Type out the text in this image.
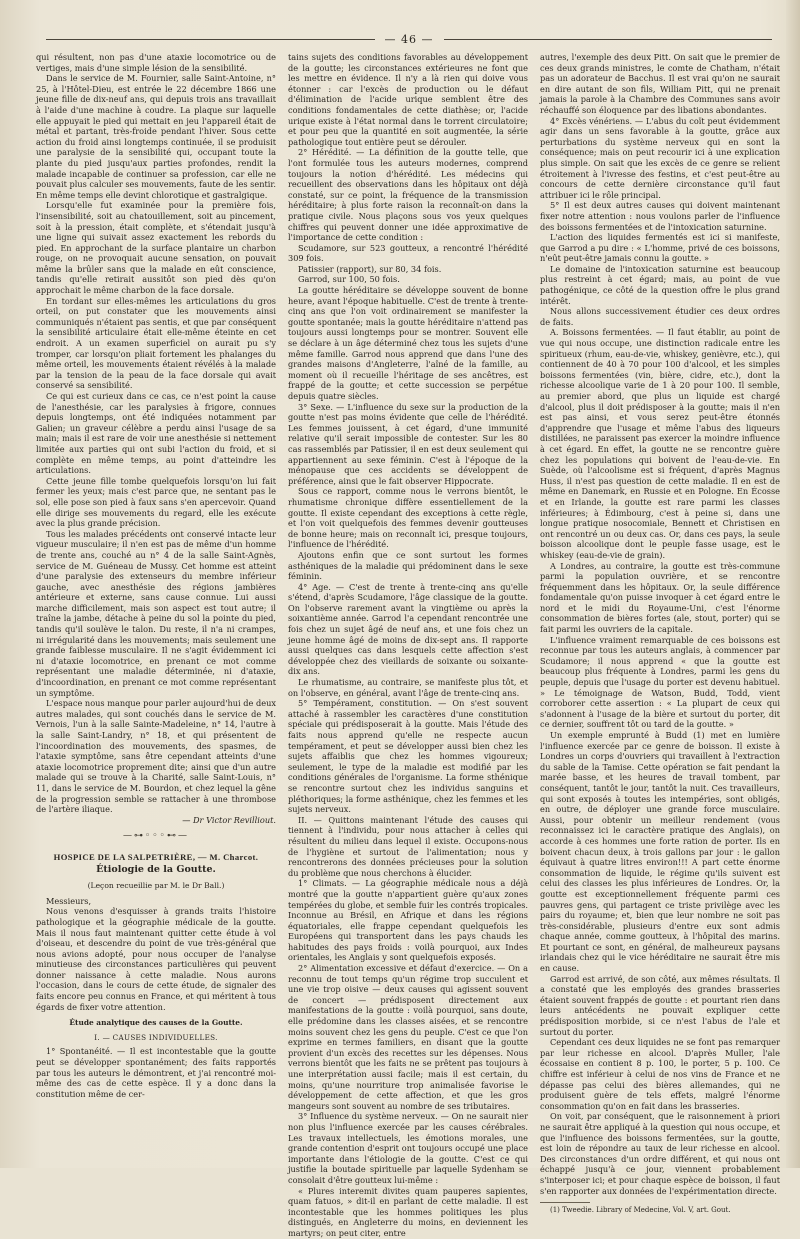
— 46 —

qui résultent, non pas d'une ataxie locomotrice ou de vertiges, mais d'une simple lésion de la sensibilité.

Dans le service de M. Fournier, salle Saint-Antoine, n° 25, à l'Hôtel-Dieu, est entrée le 22 décembre 1866 une jeune fille de dix-neuf ans, qui depuis trois ans travaillait à l'aide d'une machine à coudre. La plaque sur laquelle elle appuyait le pied qui mettait en jeu l'appareil était de métal et partant, très-froide pendant l'hiver. Sous cette action du froid ainsi longtemps continuée, il se produisit une paralysie de la sensibilité qui, occupant toute la plante du pied jusqu'aux parties profondes, rendit la malade incapable de continuer sa profession, car elle ne pouvait plus calculer ses mouvements, faute de les sentir. En même temps elle devint chlorotique et gastralgique.

Lorsqu'elle fut examinée pour la première fois, l'insensibilité, soit au chatouillement, soit au pincement, soit à la pression, était complète, et s'étendait jusqu'à une ligne qui suivait assez exactement les rebords du pied. En approchant de la surface plantaire un charbon rouge, on ne provoquait aucune sensation, on pouvait même la brûler sans que la malade en eût conscience, tandis qu'elle retirait aussitôt son pied dès qu'on approchait le même charbon de la face dorsale.

En tordant sur elles-mêmes les articulations du gros orteil, on put constater que les mouvements ainsi communiqués n'étaient pas sentis, et que par conséquent la sensibilité articulaire était elle-même éteinte en cet endroit. A un examen superficiel on aurait pu s'y tromper, car lorsqu'on pliait fortement les phalanges du même orteil, les mouvements étaient révélés à la malade par la tension de la peau de la face dorsale qui avait conservé sa sensibilité.

Ce qui est curieux dans ce cas, ce n'est point la cause de l'anesthésie, car les paralysies à frigore, connues depuis longtemps, ont été indiquées notamment par Galien; un graveur célèbre a perdu ainsi l'usage de sa main; mais il est rare de voir une anesthésie si nettement limitée aux parties qui ont subi l'action du froid, et si complète en même temps, au point d'atteindre les articulations.

Cette jeune fille tombe quelquefois lorsqu'on lui fait fermer les yeux; mais c'est parce que, ne sentant pas le sol, elle pose son pied à faux sans s'en apercevoir. Quand elle dirige ses mouvements du regard, elle les exécute avec la plus grande précision.

Tous les malades précédents ont conservé intacte leur vigueur musculaire; il n'en est pas de même d'un homme de trente ans, couché au n° 4 de la salle Saint-Agnès, service de M. Guéneau de Mussy. Cet homme est atteint d'une paralysie des extenseurs du membre inférieur gauche, avec anesthésie des régions jambières antérieure et externe, sans cause connue. Lui aussi marche difficilement, mais son aspect est tout autre; il traîne la jambe, détache à peine du sol la pointe du pied, tandis qu'il soulève le talon. Du reste, il n'a ni crampes, ni irrégularité dans les mouvements; mais seulement une grande faiblesse musculaire. Il ne s'agit évidemment ici ni d'ataxie locomotrice, en prenant ce mot comme représentant une maladie déterminée, ni d'ataxie, d'incoordination, en prenant ce mot comme représentant un symptôme.

L'espace nous manque pour parler aujourd'hui de deux autres malades, qui sont couchés dans le service de M. Vernois, l'un à la salle Sainte-Madeleine, n° 14, l'autre à la salle Saint-Landry, n° 18, et qui présentent de l'incoordination des mouvements, des spasmes, de l'ataxie symptôme, sans être cependant atteints d'une ataxie locomotrice proprement dite; ainsi que d'un autre malade qui se trouve à la Charité, salle Saint-Louis, n° 11, dans le service de M. Bourdon, et chez lequel la gêne de la progression semble se rattacher à une thrombose de l'artère iliaque.

— Dr Victor Revilliout.

—⊶◦◦◦⊷—
HOSPICE DE LA SALPETRIÈRE, — M. Charcot.
Étiologie de la Goutte.
(Leçon recueillie par M. le Dr Ball.)

Messieurs,

Nous venons d'esquisser à grands traits l'histoire pathologique et la géographie médicale de la goutte. Mais il nous faut maintenant quitter cette étude à vol d'oiseau, et descendre du point de vue très-général que nous avions adopté, pour nous occuper de l'analyse minutieuse des circonstances particulières qui peuvent donner naissance à cette maladie. Nous aurons l'occasion, dans le cours de cette étude, de signaler des faits encore peu connus en France, et qui méritent à tous égards de fixer votre attention.

Étude analytique des causes de la Goutte.
I. — CAUSES INDIVIDUELLES.

1° Spontanéité. — Il est incontestable que la goutte peut se développer spontanément; des faits rapportés par tous les auteurs le démontrent, et j'ai rencontré moi-même des cas de cette espèce. Il y a donc dans la constitution même de cer-

tains sujets des conditions favorables au développement de la goutte; les circonstances extérieures ne font que les mettre en évidence. Il n'y a là rien qui doive vous étonner : car l'excès de production ou le défaut d'élimination de l'acide urique semblent être des conditions fondamentales de cette diathèse; or, l'acide urique existe à l'état normal dans le torrent circulatoire; et pour peu que la quantité en soit augmentée, la série pathologique tout entière peut se dérouler.

2° Hérédité. — La définition de la goutte telle, que l'ont formulée tous les auteurs modernes, comprend toujours la notion d'hérédité. Les médecins qui recueillent des observations dans les hôpitaux ont déjà constaté, sur ce point, la fréquence de la transmission héréditaire; à plus forte raison la reconnaît-on dans la pratique civile. Nous plaçons sous vos yeux quelques chiffres qui peuvent donner une idée approximative de l'importance de cette condition :

Scudamore, sur 523 goutteux, a rencontré l'hérédité 309 fois.

Patissier (rapport), sur 80, 34 fois.

Garrod, sur 100, 50 fois.

La goutte héréditaire se développe souvent de bonne heure, avant l'époque habituelle. C'est de trente à trente-cinq ans que l'on voit ordinairement se manifester la goutte spontanée; mais la goutte héréditaire n'attend pas toujours aussi longtemps pour se montrer. Souvent elle se déclare à un âge déterminé chez tous les sujets d'une même famille. Garrod nous apprend que dans l'une des grandes maisons d'Angleterre, l'aîné de la famille, au moment où il recueille l'héritage de ses ancêtres, est frappé de la goutte; et cette succession se perpétue depuis quatre siècles.

3° Sexe. — L'influence du sexe sur la production de la goutte n'est pas moins évidente que celle de l'hérédité. Les femmes jouissent, à cet égard, d'une immunité relative qu'il serait impossible de contester. Sur les 80 cas rassemblés par Patissier, il en est deux seulement qui appartiennent au sexe féminin. C'est à l'époque de la ménopause que ces accidents se développent de préférence, ainsi que le fait observer Hippocrate.

Sous ce rapport, comme nous le verrons bientôt, le rhumatisme chronique diffère essentiellement de la goutte. Il existe cependant des exceptions à cette règle, et l'on voit quelquefois des femmes devenir goutteuses de bonne heure; mais on reconnaît ici, presque toujours, l'influence de l'hérédité.

Ajoutons enfin que ce sont surtout les formes asthéniques de la maladie qui prédominent dans le sexe féminin.

4° Age. — C'est de trente à trente-cinq ans qu'elle s'étend, d'après Scudamore, l'âge classique de la goutte. On l'observe rarement avant la vingtième ou après la soixantième année. Garrod l'a cependant rencontrée une fois chez un sujet âgé de neuf ans, et une fois chez un jeune homme âgé de moins de dix-sept ans. Il rapporte aussi quelques cas dans lesquels cette affection s'est développée chez des vieillards de soixante ou soixante-dix ans.

Le rhumatisme, au contraire, se manifeste plus tôt, et on l'observe, en général, avant l'âge de trente-cinq ans.

5° Tempérament, constitution. — On s'est souvent attaché à rassembler les caractères d'une constitution spéciale qui prédisposerait à la goutte. Mais l'étude des faits nous apprend qu'elle ne respecte aucun tempérament, et peut se développer aussi bien chez les sujets affaiblis que chez les hommes vigoureux; seulement, le type de la maladie est modifié par les conditions générales de l'organisme. La forme sthénique se rencontre surtout chez les individus sanguins et pléthoriques; la forme asthénique, chez les femmes et les sujets nerveux.

II. — Quittons maintenant l'étude des causes qui tiennent à l'individu, pour nous attacher à celles qui résultent du milieu dans lequel il existe. Occupons-nous de l'hygiène et surtout de l'alimentation; nous y rencontrerons des données précieuses pour la solution du problème que nous cherchons à élucider.

1° Climats. — La géographie médicale nous a déjà montré que la goutte n'appartient guère qu'aux zones tempérées du globe, et semble fuir les contrés tropicales. Inconnue au Brésil, en Afrique et dans les régions équatoriales, elle frappe cependant quelquefois les Européens qui transportent dans les pays chauds les habitudes des pays froids : voilà pourquoi, aux Indes orientales, les Anglais y sont quelquefois exposés.

2° Alimentation excessive et défaut d'exercice. — On a reconnu de tout temps qu'un régime trop succulent et une vie trop oisive — deux causes qui agissent souvent de concert — prédisposent directement aux manifestations de la goutte : voilà pourquoi, sans doute, elle prédomine dans les classes aisées, et se rencontre moins souvent chez les gens du peuple. C'est ce que l'on exprime en termes familiers, en disant que la goutte provient d'un excès des recettes sur les dépenses. Nous verrons bientôt que les faits ne se prêtent pas toujours à une interprétation aussi facile; mais il est certain, du moins, qu'une nourriture trop animalisée favorise le développement de cette affection, et que les gros mangeurs sont souvent au nombre de ses tributaires.

3° Influence du système nerveux. — On ne saurait nier non plus l'influence exercée par les causes cérébrales. Les travaux intellectuels, les émotions morales, une grande contention d'esprit ont toujours occupé une place importante dans l'étiologie de la goutte. C'est ce qui justifie la boutade spirituelle par laquelle Sydenham se consolait d'être goutteux lui-même :

« Plures interemit divites quam pauperes sapientes, quam fatuos, » dit-il en parlant de cette maladie. Il est incontestable que les hommes politiques les plus distingués, en Angleterre du moins, en deviennent les martyrs; on peut citer, entre

autres, l'exemple des deux Pitt. On sait que le premier de ces deux grands ministres, le comte de Chatham, n'était pas un adorateur de Bacchus. Il est vrai qu'on ne saurait en dire autant de son fils, William Pitt, qui ne prenait jamais la parole à la Chambre des Communes sans avoir réchauffé son éloquence par des libations abondantes.

4° Excès vénériens. — L'abus du coït peut évidemment agir dans un sens favorable à la goutte, grâce aux perturbations du système nerveux qui en sont la conséquence; mais on peut recourir ici à une explication plus simple. On sait que les excès de ce genre se relient étroitement à l'ivresse des festins, et c'est peut-être au concours de cette dernière circonstance qu'il faut attribuer ici le rôle principal.

5° Il est deux autres causes qui doivent maintenant fixer notre attention : nous voulons parler de l'influence des boissons fermentées et de l'intoxication saturnine.

L'action des liquides fermentés est ici si manifeste, que Garrod a pu dire : « L'homme, privé de ces boissons, n'eût peut-être jamais connu la goutte. »

Le domaine de l'intoxication saturnine est beaucoup plus restreint à cet égard; mais, au point de vue pathogénique, ce côté de la question offre le plus grand intérêt.

Nous allons successivement étudier ces deux ordres de faits.

A. Boissons fermentées. — Il faut établir, au point de vue qui nous occupe, une distinction radicale entre les spiritueux (rhum, eau-de-vie, whiskey, genièvre, etc.), qui contiennent de 40 à 70 pour 100 d'alcool, et les simples boissons fermentées (vin, bière, cidre, etc.), dont la richesse alcoolique varie de 1 à 20 pour 100. Il semble, au premier abord, que plus un liquide est chargé d'alcool, plus il doit prédisposer à la goutte; mais il n'en est pas ainsi, et vous serez peut-être étonnés d'apprendre que l'usage et même l'abus des liqueurs distillées, ne paraissent pas exercer la moindre influence à cet égard. En effet, la goutte ne se rencontre guère chez les populations qui boivent de l'eau-de-vie. En Suède, où l'alcoolisme est si fréquent, d'après Magnus Huss, il n'est pas question de cette maladie. Il en est de même en Danemark, en Russie et en Pologne. En Écosse et en Irlande, la goutte est rare parmi les classes inférieures; à Édimbourg, c'est à peine si, dans une longue pratique nosocomiale, Bennett et Christisen en ont rencontré un ou deux cas. Or, dans ces pays, la seule boisson alcoolique dont le peuple fasse usage, est le whiskey (eau-de-vie de grain).

A Londres, au contraire, la goutte est très-commune parmi la population ouvrière, et se rencontre fréquemment dans les hôpitaux. Or, la seule différence fondamentale qu'on puisse invoquer à cet égard entre le nord et le midi du Royaume-Uni, c'est l'énorme consommation de bières fortes (ale, stout, porter) qui se fait parmi les ouvriers de la capitale.

L'influence vraiment remarquable de ces boissons est reconnue par tous les auteurs anglais, à commencer par Scudamore; il nous apprend « que la goutte est beaucoup plus fréquente à Londres, parmi les gens du peuple, depuis que l'usage du porter est devenu habituel. » Le témoignage de Watson, Budd, Todd, vient corroborer cette assertion : « La plupart de ceux qui s'adonnent à l'usage de la bière et surtout du porter, dit ce dernier, souffrent tôt ou tard de la goutte. »

Un exemple emprunté à Budd (1) met en lumière l'influence exercée par ce genre de boisson. Il existe à Londres un corps d'ouvriers qui travaillent à l'extraction du sable de la Tamise. Cette opération se fait pendant la marée basse, et les heures de travail tombent, par conséquent, tantôt le jour, tantôt la nuit. Ces travailleurs, qui sont exposés à toutes les intempéries, sont obligés, en outre, de déployer une grande force musculaire. Aussi, pour obtenir un meilleur rendement (vous reconnaissez ici le caractère pratique des Anglais), on accorde à ces hommes une forte ration de porter. Ils en boivent chacun deux, à trois gallons par jour : le gallon équivaut à quatre litres environ!!! A part cette énorme consommation de liquide, le régime qu'ils suivent est celui des classes les plus inférieures de Londres. Or, la goutte est exceptionnellement fréquente parmi ces pauvres gens, qui partagent ce triste privilège avec les pairs du royaume; et, bien que leur nombre ne soit pas très-considérable, plusieurs d'entre eux sont admis chaque année, comme goutteux, à l'hôpital des marins. Et pourtant ce sont, en général, de malheureux paysans irlandais chez qui le vice héréditaire ne saurait être mis en cause.

Garrod est arrivé, de son côté, aux mêmes résultats. Il a constaté que les employés des grandes brasseries étaient souvent frappés de goutte : et pourtant rien dans leurs antécédents ne pouvait expliquer cette prédisposition morbide, si ce n'est l'abus de l'ale et surtout du porter.

Cependant ces deux liquides ne se font pas remarquer par leur richesse en alcool. D'après Muller, l'ale écossaise en contient 8 p. 100, le porter, 5 p. 100. Ce chiffre est inférieur à celui de nos vins de France et ne dépasse pas celui des bières allemandes, qui ne produisent guère de tels effets, malgré l'énorme consommation qu'on en fait dans les brasseries.

On voit, par conséquent, que le raisonnement à priori ne saurait être appliqué à la question qui nous occupe, et que l'influence des boissons fermentées, sur la goutte, est loin de répondre au taux de leur richesse en alcool. Des circonstances d'un ordre différent, et qui nous ont échappé jusqu'à ce jour, viennent probablement s'interposer ici; et pour chaque espèce de boisson, il faut s'en rapporter aux données de l'expérimentation directe.

(1) Tweedie. Library of Medecine, Vol. V, art. Gout.
